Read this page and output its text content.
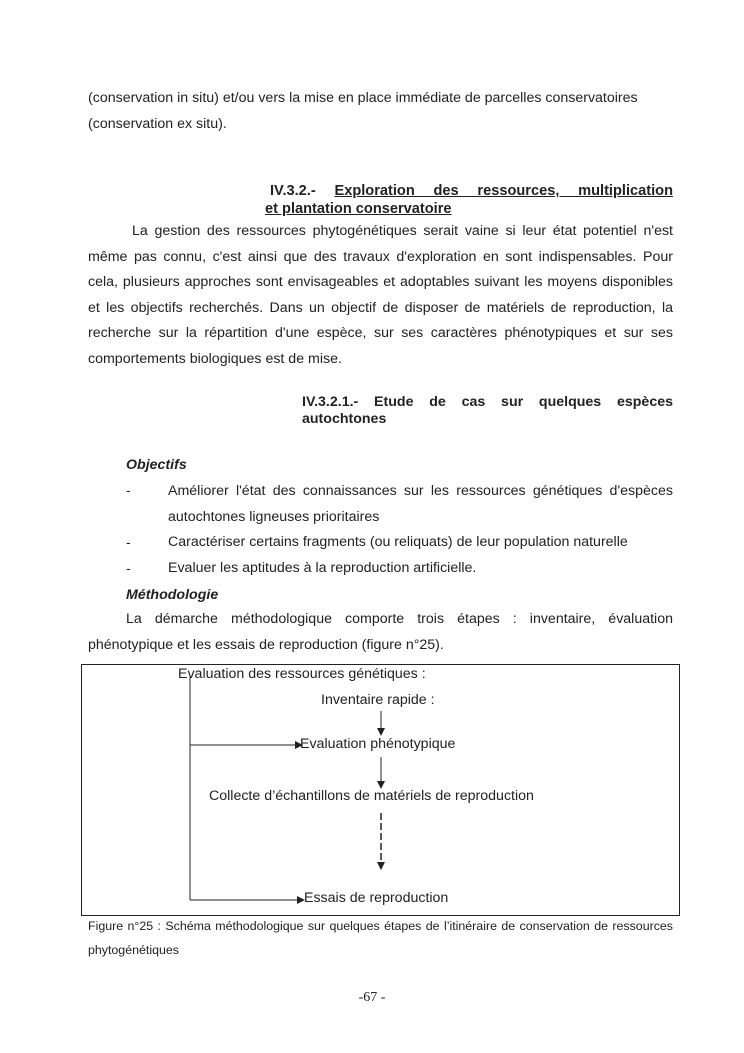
(conservation in situ) et/ou vers la mise en place immédiate de parcelles conservatoires
(conservation ex situ).

IV.3.2.- Exploration des ressources, multiplication
et plantation conservatoire

La gestion des ressources phytogénétiques serait vaine si leur état potentiel n'est même pas connu, c'est ainsi que des travaux d'exploration en sont indispensables. Pour cela, plusieurs approches sont envisageables et adoptables suivant les moyens disponibles et les objectifs recherchés. Dans un objectif de disposer de matériels de reproduction, la recherche sur la répartition d'une espèce, sur ses caractères phénotypiques et sur ses comportements biologiques est de mise.

IV.3.2.1.- Etude de cas sur quelques espèces
autochtones
Objectifs
-	Améliorer l'état des connaissances sur les ressources génétiques d'espèces autochtones ligneuses prioritaires

-	Caractériser certains fragments (ou reliquats) de leur population naturelle

-	Evaluer les aptitudes à la reproduction artificielle.

Méthodologie

La démarche méthodologique comporte trois étapes : inventaire, évaluation phénotypique et les essais de reproduction (figure n°25).

Evaluation des ressources génétiques :
Inventaire rapide :
Evaluation phénotypique
Collecte d’échantillons de matériels de reproduction
Essais de reproduction

Figure n°25 : Schéma méthodologique sur quelques étapes de l’itinéraire de conservation de ressources phytogénétiques

-67 -
